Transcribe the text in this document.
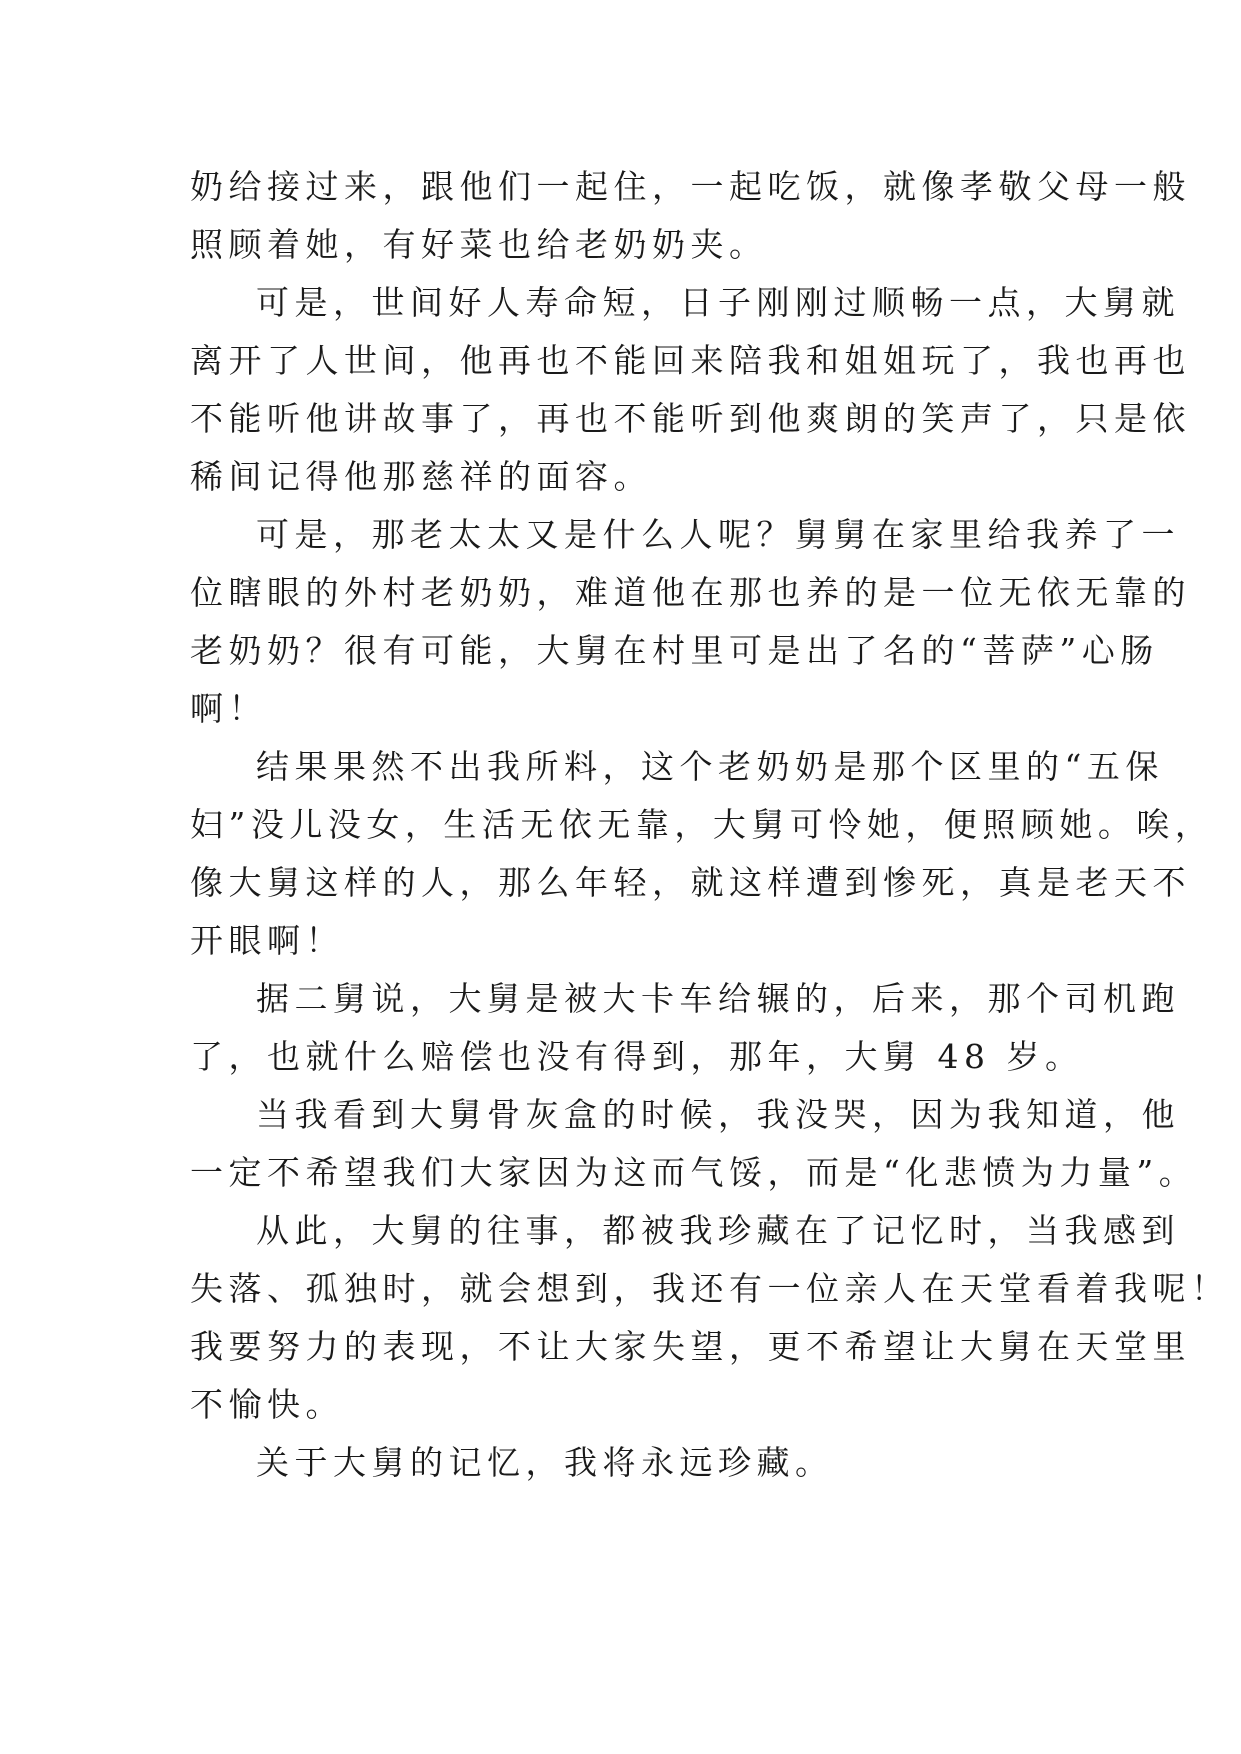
奶给接过来，跟他们一起住，一起吃饭，就像孝敬父母一般
照顾着她，有好菜也给老奶奶夹。
可是，世间好人寿命短，日子刚刚过顺畅一点，大舅就
离开了人世间，他再也不能回来陪我和姐姐玩了，我也再也
不能听他讲故事了，再也不能听到他爽朗的笑声了，只是依
稀间记得他那慈祥的面容。
可是，那老太太又是什么人呢？舅舅在家里给我养了一
位瞎眼的外村老奶奶，难道他在那也养的是一位无依无靠的
老奶奶？很有可能，大舅在村里可是出了名的“菩萨”心肠
啊！
结果果然不出我所料，这个老奶奶是那个区里的“五保
妇”没儿没女，生活无依无靠，大舅可怜她，便照顾她。唉，
像大舅这样的人，那么年轻，就这样遭到惨死，真是老天不
开眼啊！
据二舅说，大舅是被大卡车给辗的，后来，那个司机跑
了，也就什么赔偿也没有得到，那年，大舅 48 岁。
当我看到大舅骨灰盒的时候，我没哭，因为我知道，他
一定不希望我们大家因为这而气馁，而是“化悲愤为力量”。
从此，大舅的往事，都被我珍藏在了记忆时，当我感到
失落、孤独时，就会想到，我还有一位亲人在天堂看着我呢！
我要努力的表现，不让大家失望，更不希望让大舅在天堂里
不愉快。
关于大舅的记忆，我将永远珍藏。
